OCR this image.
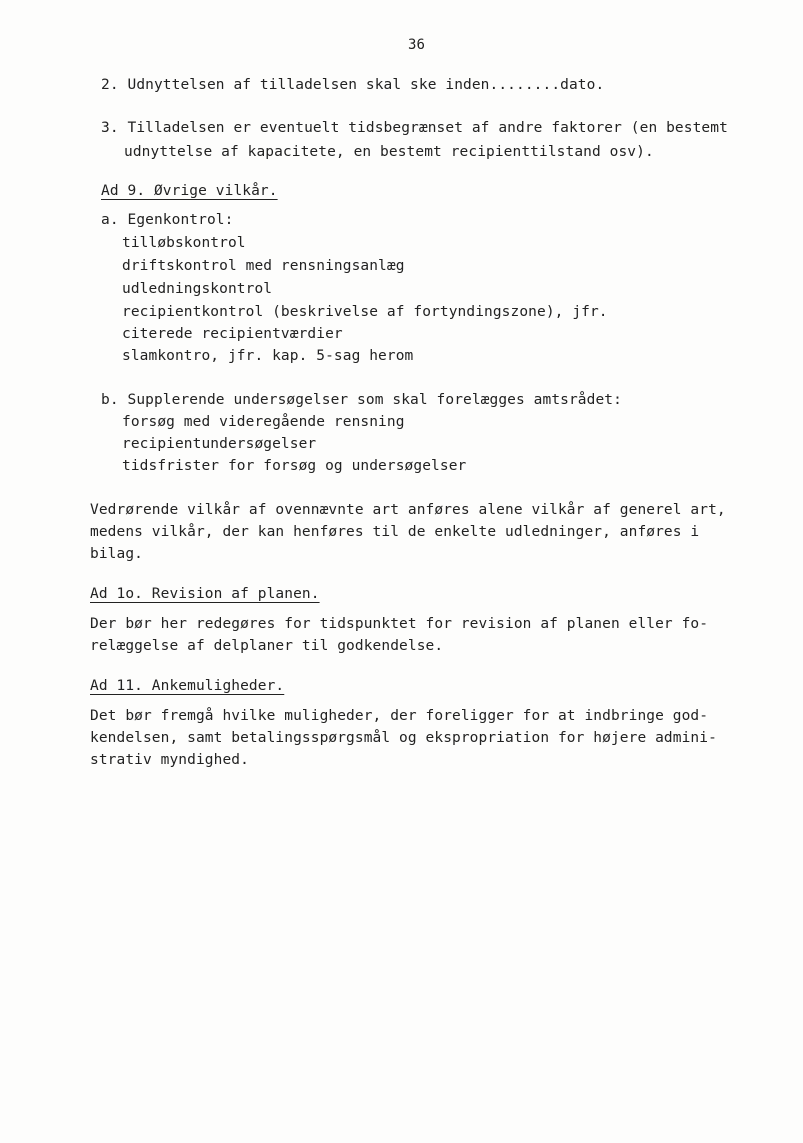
36
2. Udnyttelsen af tilladelsen skal ske inden........dato.
3. Tilladelsen er eventuelt tidsbegrænset af andre faktorer (en bestemt
udnyttelse af kapacitete, en bestemt recipienttilstand osv).
Ad 9. Øvrige vilkår.
a. Egenkontrol:
tilløbskontrol
driftskontrol med rensningsanlæg
udledningskontrol
recipientkontrol (beskrivelse af fortyndingszone), jfr.
citerede recipientværdier
slamkontro, jfr. kap. 5-sag herom
b. Supplerende undersøgelser som skal forelægges amtsrådet:
forsøg med videregående rensning
recipientundersøgelser
tidsfrister for forsøg og undersøgelser
Vedrørende vilkår af ovennævnte art anføres alene vilkår af generel art,
medens vilkår, der kan henføres til de enkelte udledninger, anføres i
bilag.
Ad 1o. Revision af planen.
Der bør her redegøres for tidspunktet for revision af planen eller fo-
relæggelse af delplaner til godkendelse.
Ad 11. Ankemuligheder.
Det bør fremgå hvilke muligheder, der foreligger for at indbringe god-
kendelsen, samt betalingsspørgsmål og ekspropriation for højere admini-
strativ myndighed.
